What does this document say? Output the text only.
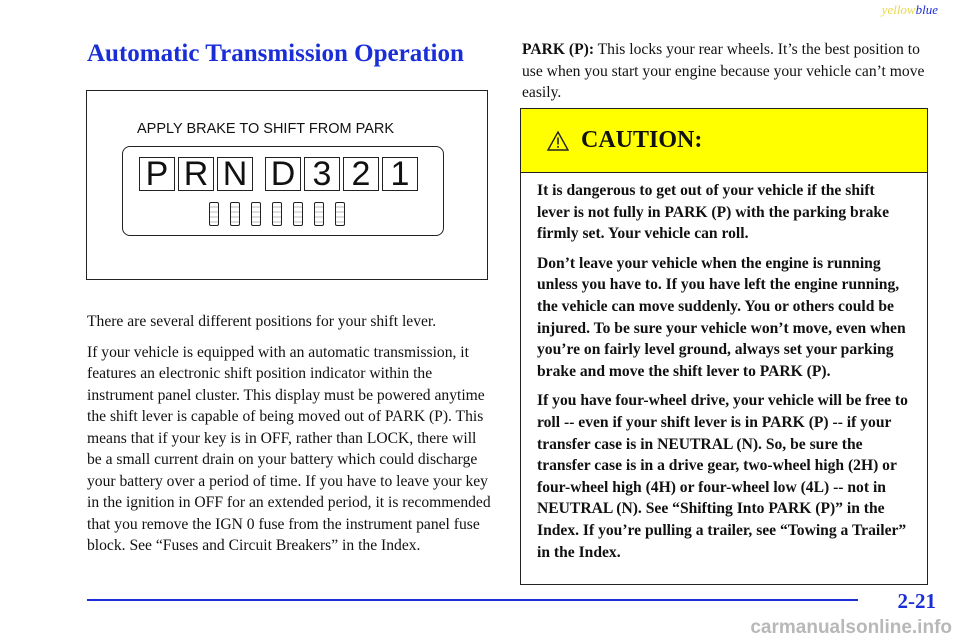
yellowblue
Automatic Transmission Operation
APPLY BRAKE TO SHIFT FROM PARK
P R N D 3 2 1

There are several different positions for your shift lever.

If your vehicle is equipped with an automatic transmission, it features an electronic shift position indicator within the instrument panel cluster. This display must be powered anytime the shift lever is capable of being moved out of PARK (P). This means that if your key is in OFF, rather than LOCK, there will be a small current drain on your battery which could discharge your battery over a period of time. If you have to leave your key in the ignition in OFF for an extended period, it is recommended that you remove the IGN 0 fuse from the instrument panel fuse block. See “Fuses and Circuit Breakers” in the Index.

PARK (P): This locks your rear wheels. It’s the best position to use when you start your engine because your vehicle can’t move easily.
CAUTION:

It is dangerous to get out of your vehicle if the shift lever is not fully in PARK (P) with the parking brake firmly set. Your vehicle can roll.

Don’t leave your vehicle when the engine is running unless you have to. If you have left the engine running, the vehicle can move suddenly. You or others could be injured. To be sure your vehicle won’t move, even when you’re on fairly level ground, always set your parking brake and move the shift lever to PARK (P).

If you have four-wheel drive, your vehicle will be free to roll -- even if your shift lever is in PARK (P) -- if your transfer case is in NEUTRAL (N). So, be sure the transfer case is in a drive gear, two-wheel high (2H) or four-wheel high (4H) or four-wheel low (4L) -- not in NEUTRAL (N). See “Shifting Into PARK (P)” in the Index. If you’re pulling a trailer, see “Towing a Trailer” in the Index.

2-21
carmanualsonline.info
